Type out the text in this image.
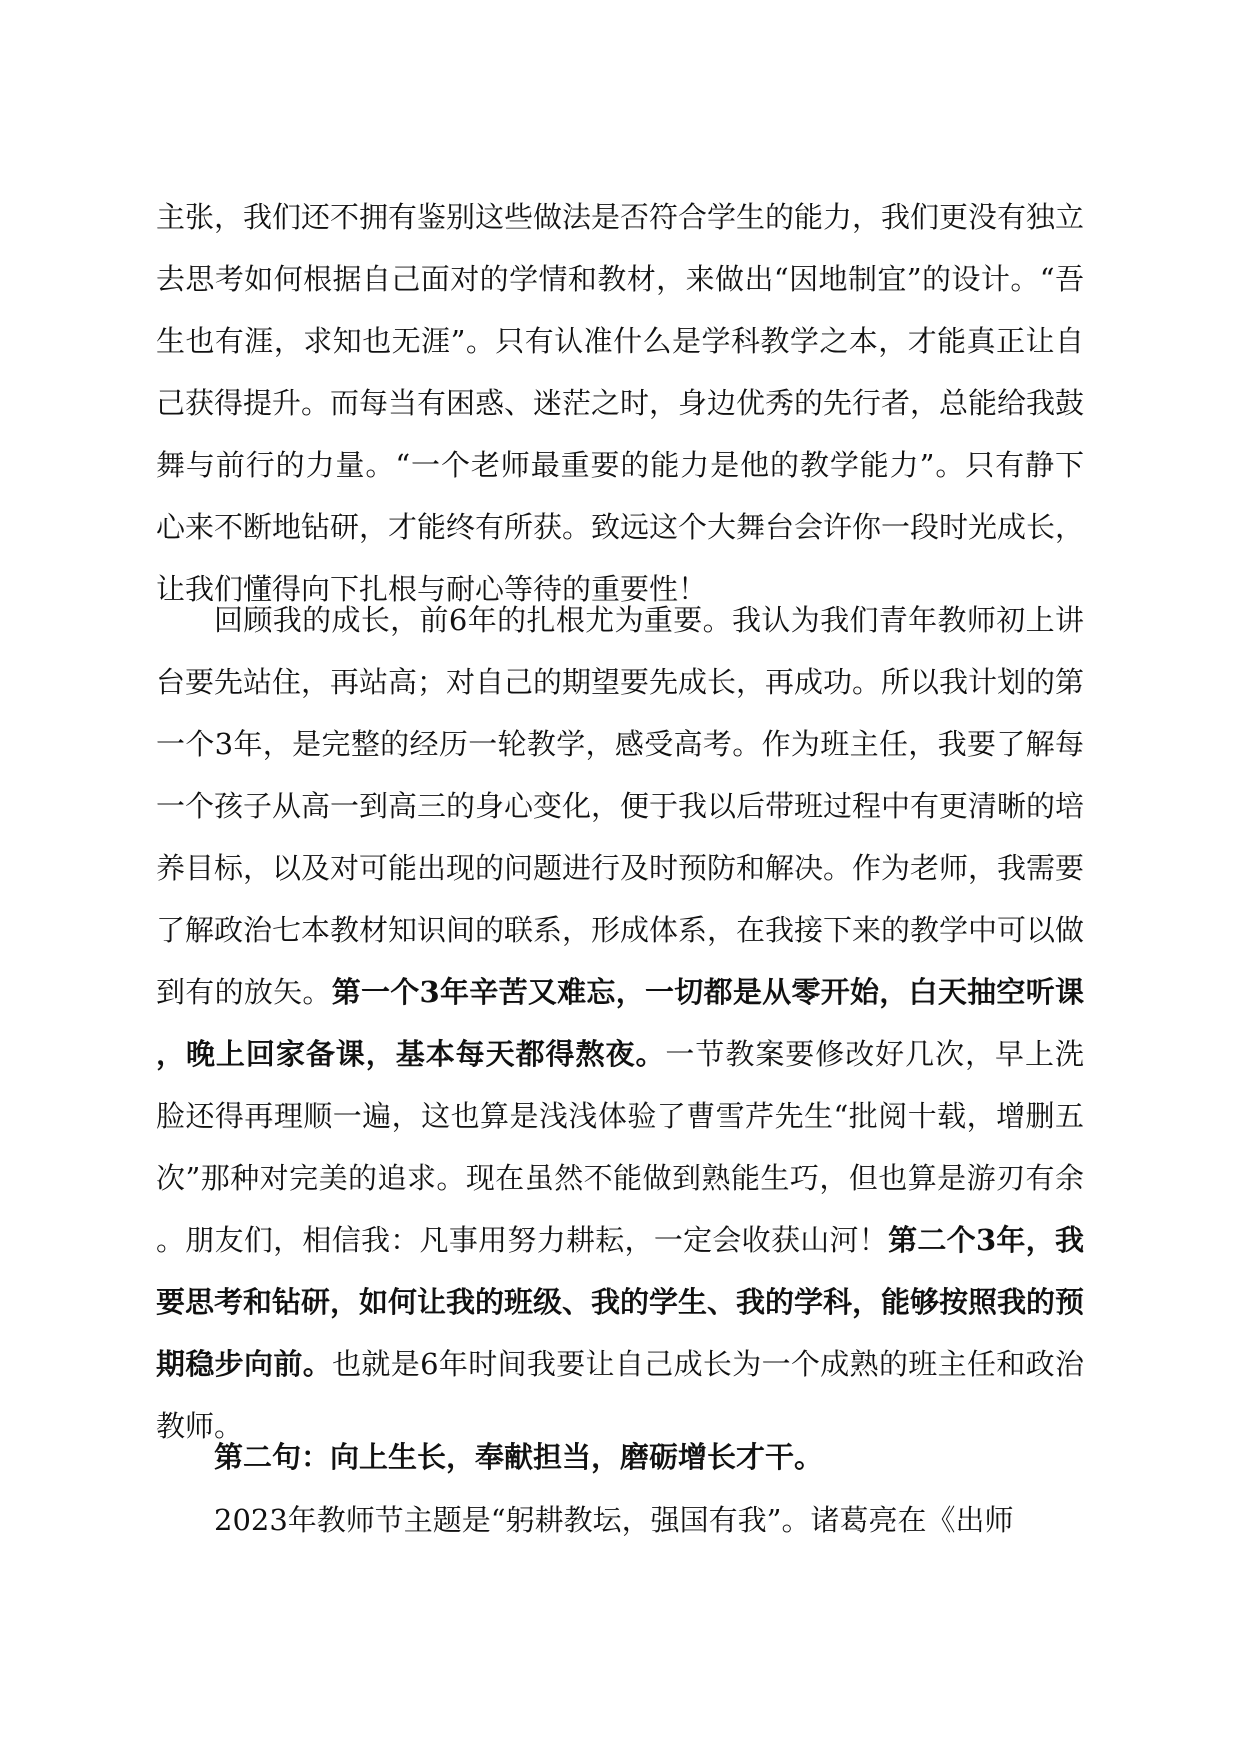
主张，我们还不拥有鉴别这些做法是否符合学生的能力，我们更没有独立去思考如何根据自己面对的学情和教材，来做出“因地制宜”的设计。“吾生也有涯，求知也无涯”。只有认准什么是学科教学之本，才能真正让自己获得提升。而每当有困惑、迷茫之时，身边优秀的先行者，总能给我鼓舞与前行的力量。“一个老师最重要的能力是他的教学能力”。只有静下心来不断地钻研，才能终有所获。致远这个大舞台会许你一段时光成长，让我们懂得向下扎根与耐心等待的重要性！

回顾我的成长，前6年的扎根尤为重要。我认为我们青年教师初上讲台要先站住，再站高；对自己的期望要先成长，再成功。所以我计划的第一个3年，是完整的经历一轮教学，感受高考。作为班主任，我要了解每一个孩子从高一到高三的身心变化，便于我以后带班过程中有更清晰的培养目标，以及对可能出现的问题进行及时预防和解决。作为老师，我需要了解政治七本教材知识间的联系，形成体系，在我接下来的教学中可以做到有的放矢。第一个3年辛苦又难忘，一切都是从零开始，白天抽空听课，晚上回家备课，基本每天都得熬夜。一节教案要修改好几次，早上洗脸还得再理顺一遍，这也算是浅浅体验了曹雪芹先生“批阅十载，增删五次”那种对完美的追求。现在虽然不能做到熟能生巧，但也算是游刃有余。朋友们，相信我：凡事用努力耕耘，一定会收获山河！第二个3年，我要思考和钻研，如何让我的班级、我的学生、我的学科，能够按照我的预期稳步向前。也就是6年时间我要让自己成长为一个成熟的班主任和政治教师。

第二句：向上生长，奉献担当，磨砺增长才干。

2023年教师节主题是“躬耕教坛，强国有我”。诸葛亮在《出师
